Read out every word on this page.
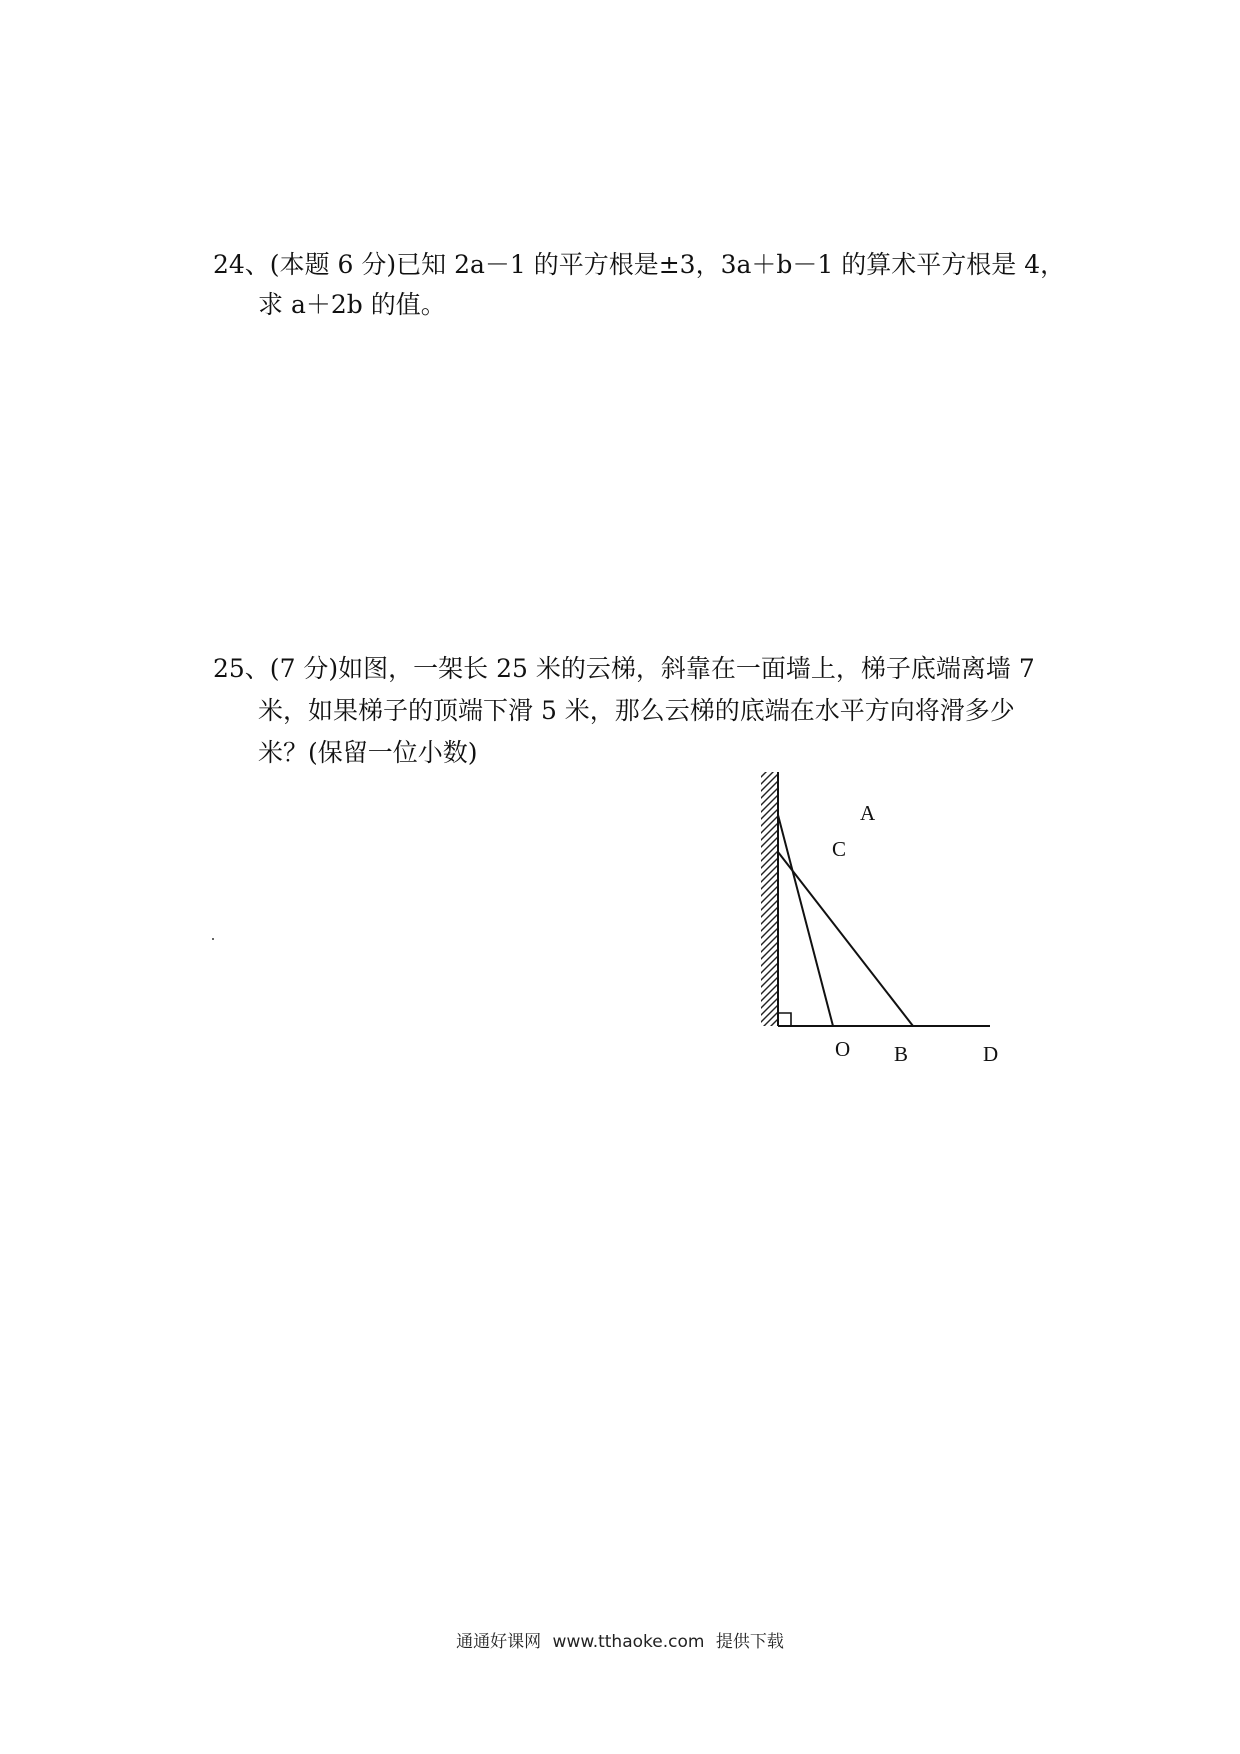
24、(本题 6 分)已知 2a－1 的平方根是±3，3a＋b－1 的算术平方根是 4，
求 a＋2b 的值。
25、(7 分)如图，一架长 25 米的云梯，斜靠在一面墙上，梯子底端离墙 7
米，如果梯子的顶端下滑 5 米，那么云梯的底端在水平方向将滑多少
米？(保留一位小数)
A
C
O B	D
通通好课网 www.tthaoke.com 提供下载
